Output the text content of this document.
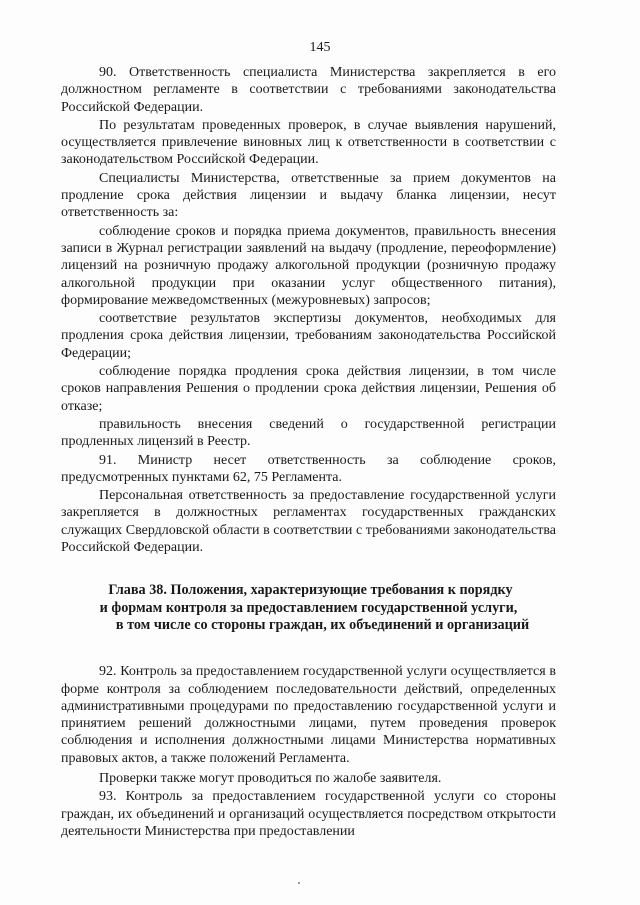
145

90. Ответственность специалиста Министерства закрепляется в его должностном регламенте в соответствии с требованиями законодательства Российской Федерации.

По результатам проведенных проверок, в случае выявления нарушений, осуществляется привлечение виновных лиц к ответственности в соответствии с законодательством Российской Федерации.

Специалисты Министерства, ответственные за прием документов на продление срока действия лицензии и выдачу бланка лицензии, несут ответственность за:

соблюдение сроков и порядка приема документов, правильность внесения записи в Журнал регистрации заявлений на выдачу (продление, переоформление) лицензий на розничную продажу алкогольной продукции (розничную продажу алкогольной продукции при оказании услуг общественного питания), формирование межведомственных (межуровневых) запросов;

соответствие результатов экспертизы документов, необходимых для продления срока действия лицензии, требованиям законодательства Российской Федерации;

соблюдение порядка продления срока действия лицензии, в том числе сроков направления Решения о продлении срока действия лицензии, Решения об отказе;

правильность внесения сведений о государственной регистрации продленных лицензий в Реестр.

91. Министр несет ответственность за соблюдение сроков, предусмотренных пунктами 62, 75 Регламента.

Персональная ответственность за предоставление государственной услуги закрепляется в должностных регламентах государственных гражданских служащих Свердловской области в соответствии с требованиями законодательства Российской Федерации.

Глава 38. Положения, характеризующие требования к порядку
и формам контроля за предоставлением государственной услуги,
в том числе со стороны граждан, их объединений и организаций

92. Контроль за предоставлением государственной услуги осуществляется в форме контроля за соблюдением последовательности действий, определенных административными процедурами по предоставлению государственной услуги и принятием решений должностными лицами, путем проведения проверок соблюдения и исполнения должностными лицами Министерства нормативных правовых актов, а также положений Регламента.

Проверки также могут проводиться по жалобе заявителя.

93. Контроль за предоставлением государственной услуги со стороны граждан, их объединений и организаций осуществляется посредством открытости деятельности Министерства при предоставлении
